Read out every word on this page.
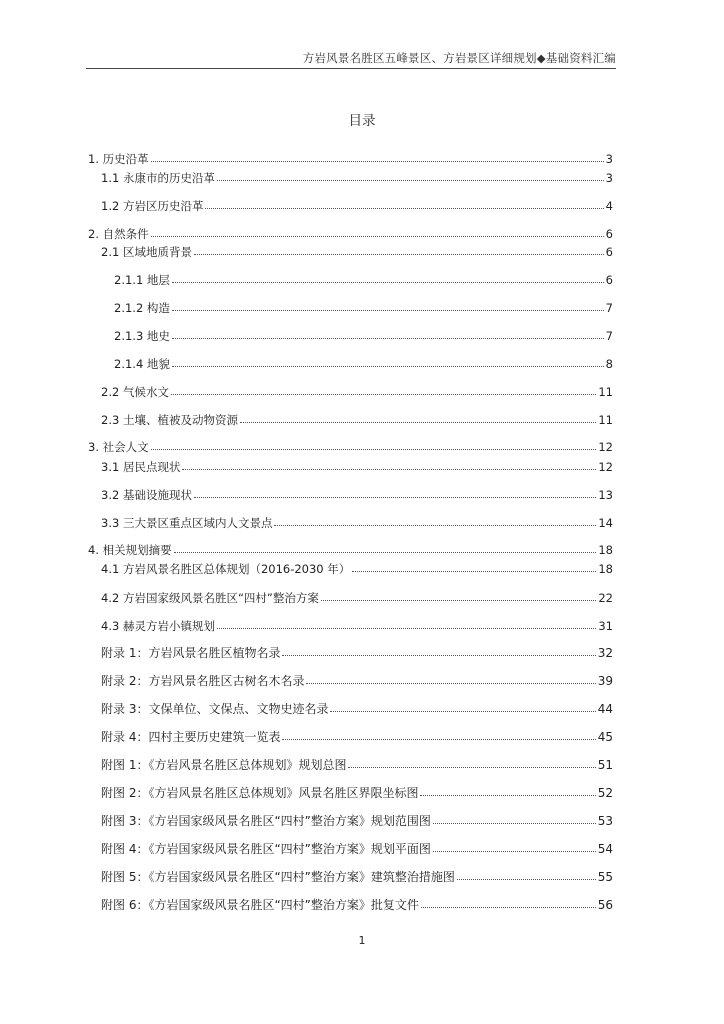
方岩风景名胜区五峰景区、方岩景区详细规划◆基础资料汇编
目录
1. 历史沿革	3
1.1 永康市的历史沿革	3
1.2 方岩区历史沿革	4
2. 自然条件	6
2.1 区域地质背景	6
2.1.1 地层	6
2.1.2 构造	7
2.1.3 地史	7
2.1.4 地貌	8
2.2 气候水文	11
2.3 土壤、植被及动物资源	11
3. 社会人文	12
3.1 居民点现状	12
3.2 基础设施现状	13
3.3 三大景区重点区域内人文景点	14
4. 相关规划摘要	18
4.1 方岩风景名胜区总体规划（2016-2030 年）	18
4.2 方岩国家级风景名胜区“四村”整治方案	22
4.3 赫灵方岩小镇规划	31
附录 1：方岩风景名胜区植物名录	32
附录 2：方岩风景名胜区古树名木名录	39
附录 3：文保单位、文保点、文物史迹名录	44
附录 4：四村主要历史建筑一览表	45
附图 1：《方岩风景名胜区总体规划》规划总图	51
附图 2：《方岩风景名胜区总体规划》风景名胜区界限坐标图	52
附图 3：《方岩国家级风景名胜区“四村”整治方案》规划范围图	53
附图 4：《方岩国家级风景名胜区“四村”整治方案》规划平面图	54
附图 5：《方岩国家级风景名胜区“四村”整治方案》建筑整治措施图	55
附图 6：《方岩国家级风景名胜区“四村”整治方案》批复文件	56
1
